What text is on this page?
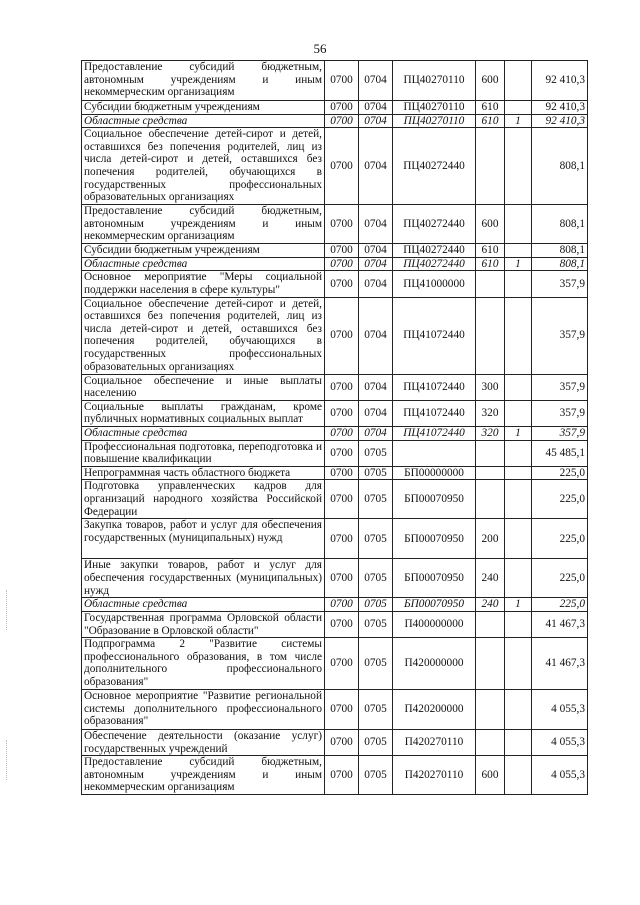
56
Предоставление субсидий бюджетным, автономным учреждениям и иным некоммерческим организациям	0700	0704	ПЦ40270110	600		92 410,3
Субсидии бюджетным учреждениям	0700	0704	ПЦ40270110	610		92 410,3
Областные средства	0700	0704	ПЦ40270110	610	1	92 410,3
Социальное обеспечение детей-сирот и детей, оставшихся без попечения родителей, лиц из числа детей-сирот и детей, оставшихся без попечения родителей, обучающихся в государственных профессиональных образовательных организациях	0700	0704	ПЦ40272440			808,1
Предоставление субсидий бюджетным, автономным учреждениям и иным некоммерческим организациям	0700	0704	ПЦ40272440	600		808,1
Субсидии бюджетным учреждениям	0700	0704	ПЦ40272440	610		808,1
Областные средства	0700	0704	ПЦ40272440	610	1	808,1
Основное мероприятие "Меры социальной поддержки населения в сфере культуры"	0700	0704	ПЦ41000000			357,9
Социальное обеспечение детей-сирот и детей, оставшихся без попечения родителей, лиц из числа детей-сирот и детей, оставшихся без попечения родителей, обучающихся в государственных профессиональных образовательных организациях	0700	0704	ПЦ41072440			357,9
Социальное обеспечение и иные выплаты населению	0700	0704	ПЦ41072440	300		357,9
Социальные выплаты гражданам, кроме публичных нормативных социальных выплат	0700	0704	ПЦ41072440	320		357,9
Областные средства	0700	0704	ПЦ41072440	320	1	357,9
Профессиональная подготовка, переподготовка и повышение квалификации	0700	0705				45 485,1
Непрограммная часть областного бюджета	0700	0705	БП00000000			225,0
Подготовка управленческих кадров для организаций народного хозяйства Российской Федерации	0700	0705	БП00070950			225,0
Закупка товаров, работ и услуг для обеспечения государственных (муниципальных) нужд	0700	0705	БП00070950	200		225,0
Иные закупки товаров, работ и услуг для обеспечения государственных (муниципальных) нужд	0700	0705	БП00070950	240		225,0
Областные средства	0700	0705	БП00070950	240	1	225,0
Государственная программа Орловской области "Образование в Орловской области"	0700	0705	П400000000			41 467,3
Подпрограмма 2 "Развитие системы профессионального образования, в том числе дополнительного профессионального образования"	0700	0705	П420000000			41 467,3
Основное мероприятие "Развитие региональной системы дополнительного профессионального образования"	0700	0705	П420200000			4 055,3
Обеспечение деятельности (оказание услуг) государственных учреждений	0700	0705	П420270110			4 055,3
Предоставление субсидий бюджетным, автономным учреждениям и иным некоммерческим организациям	0700	0705	П420270110	600		4 055,3
